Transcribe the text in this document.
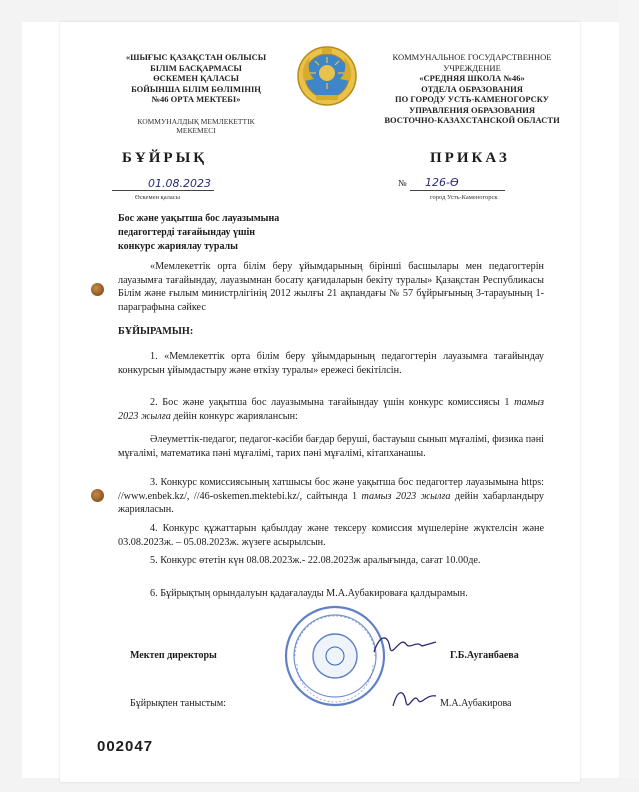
«ШЫҒЫС ҚАЗАҚСТАН ОБЛЫСЫ
БІЛІМ БАСҚАРМАСЫ
ӨСКЕМЕН ҚАЛАСЫ
БОЙЫНША БІЛІМ БӨЛІМІНІҢ
№46 ОРТА МЕКТЕБІ»
КОММУНАЛДЫҚ МЕМЛЕКЕТТІК
МЕКЕМЕСІ
КОММУНАЛЬНОЕ ГОСУДАРСТВЕННОЕ
УЧРЕЖДЕНИЕ
«СРЕДНЯЯ ШКОЛА №46»
ОТДЕЛА ОБРАЗОВАНИЯ
ПО ГОРОДУ УСТЬ-КАМЕНОГОРСКУ
УПРАВЛЕНИЯ ОБРАЗОВАНИЯ
ВОСТОЧНО-КАЗАХСТАНСКОЙ ОБЛАСТИ
БҰЙРЫҚ	ПРИКАЗ
01.08.2023
Өскемен қаласы
№ 126-Ө
город Усть-Каменогорск
Бос және уақытша бос лауазымына
педагогтерді тағайындау үшін
конкурс жариялау туралы
«Мемлекеттік орта білім беру ұйымдарының бірінші басшылары мен педагогтерін лауазымға тағайындау, лауазымнан босату қағидаларын бекіту туралы» Қазақстан Республикасы Білім және ғылым министрлігінің 2012 жылғы 21 ақпандағы № 57 бұйрығының 3-тарауының 1-параграфына сәйкес
БҰЙЫРАМЫН:
1. «Мемлекеттік орта білім беру ұйымдарының педагогтерін лауазымға тағайындау конкурсын ұйымдастыру және өткізу туралы» ережесі бекітілсін.
2. Бос және уақытша бос лауазымына тағайындау үшін конкурс комиссиясы 1 тамыз 2023 жылға дейін конкурс жариялансын:
Әлеуметтік-педагог, педагог-кәсіби бағдар беруші, бастауыш сынып мұғалімі, физика пәні мұғалімі, математика пәні мұғалімі, тарих пәні мұғалімі, кітапханашы.
3. Конкурс комиссиясының хатшысы бос және уақытша бос педагогтер лауазымына https: //www.enbek.kz/, //46-oskemen.mektebi.kz/, сайтында 1 тамыз 2023 жылға дейін хабарландыру жарияласын.
4. Конкурс құжаттарын қабылдау және тексеру комиссия мүшелеріне жүктелсін және 03.08.2023ж. – 05.08.2023ж. жүзеге асырылсын.
5. Конкурс өтетін күн 08.08.2023ж.- 22.08.2023ж аралығында, сағат 10.00де.
6. Бұйрықтың орындалуын қадағалауды М.А.Аубакироваға қалдырамын.
Мектеп директоры	Г.Б.Ауганбаева
Бұйрықпен таныстым:	М.А.Аубакирова
002047
